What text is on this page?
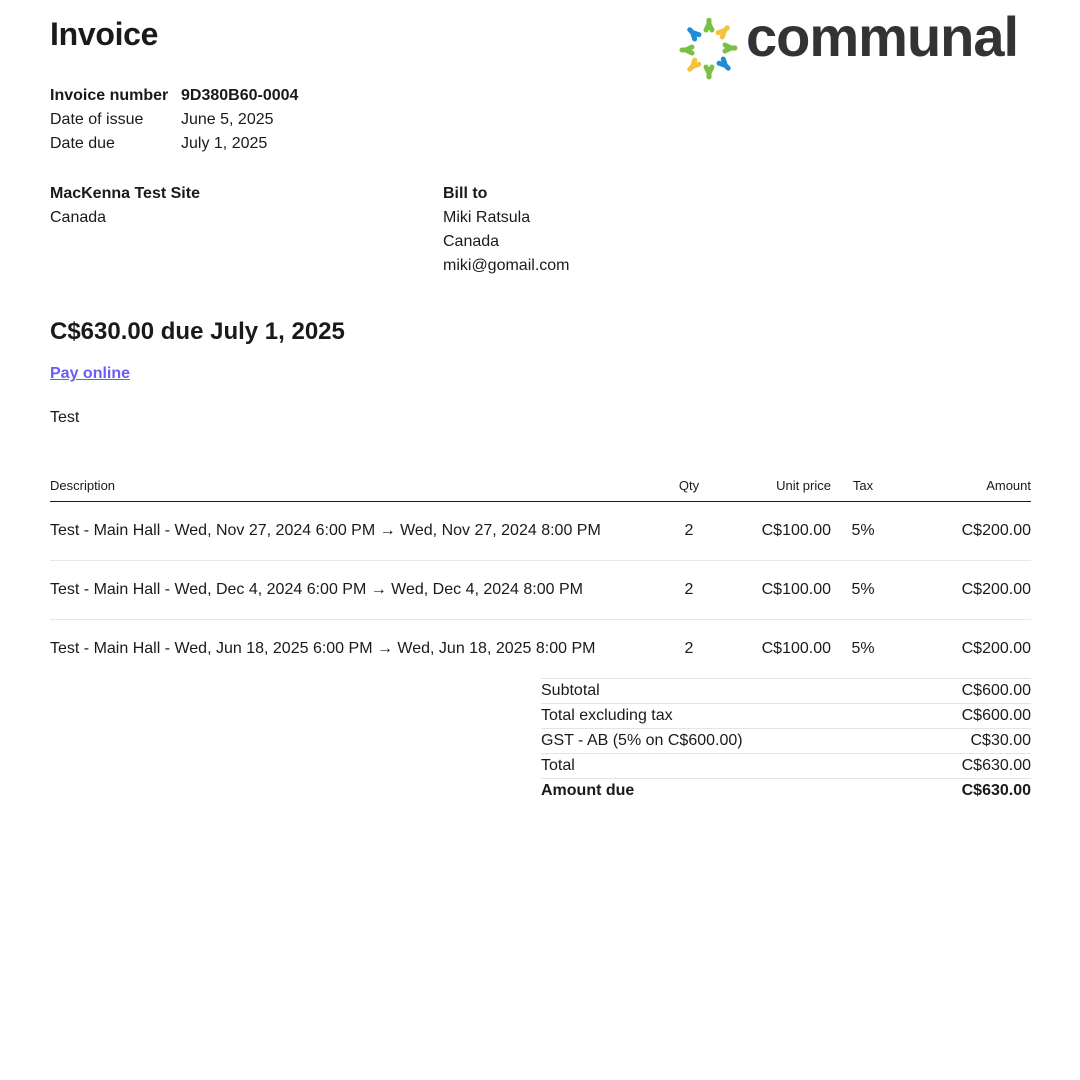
Invoice	communal
Invoice number	9D380B60-0004
Date of issue	June 5, 2025
Date due	July 1, 2025
MacKenna Test Site
Canada
Bill to
Miki Ratsula
Canada
miki@gomail.com
C$630.00 due July 1, 2025
Pay online
Test
Description	Qty	Unit price	Tax	Amount
Test - Main Hall - Wed, Nov 27, 2024 6:00 PM → Wed, Nov 27, 2024 8:00 PM	2	C$100.00	5%	C$200.00
Test - Main Hall - Wed, Dec 4, 2024 6:00 PM → Wed, Dec 4, 2024 8:00 PM	2	C$100.00	5%	C$200.00
Test - Main Hall - Wed, Jun 18, 2025 6:00 PM → Wed, Jun 18, 2025 8:00 PM	2	C$100.00	5%	C$200.00
Subtotal	C$600.00
Total excluding tax	C$600.00
GST - AB (5% on C$600.00)	C$30.00
Total	C$630.00
Amount due	C$630.00
